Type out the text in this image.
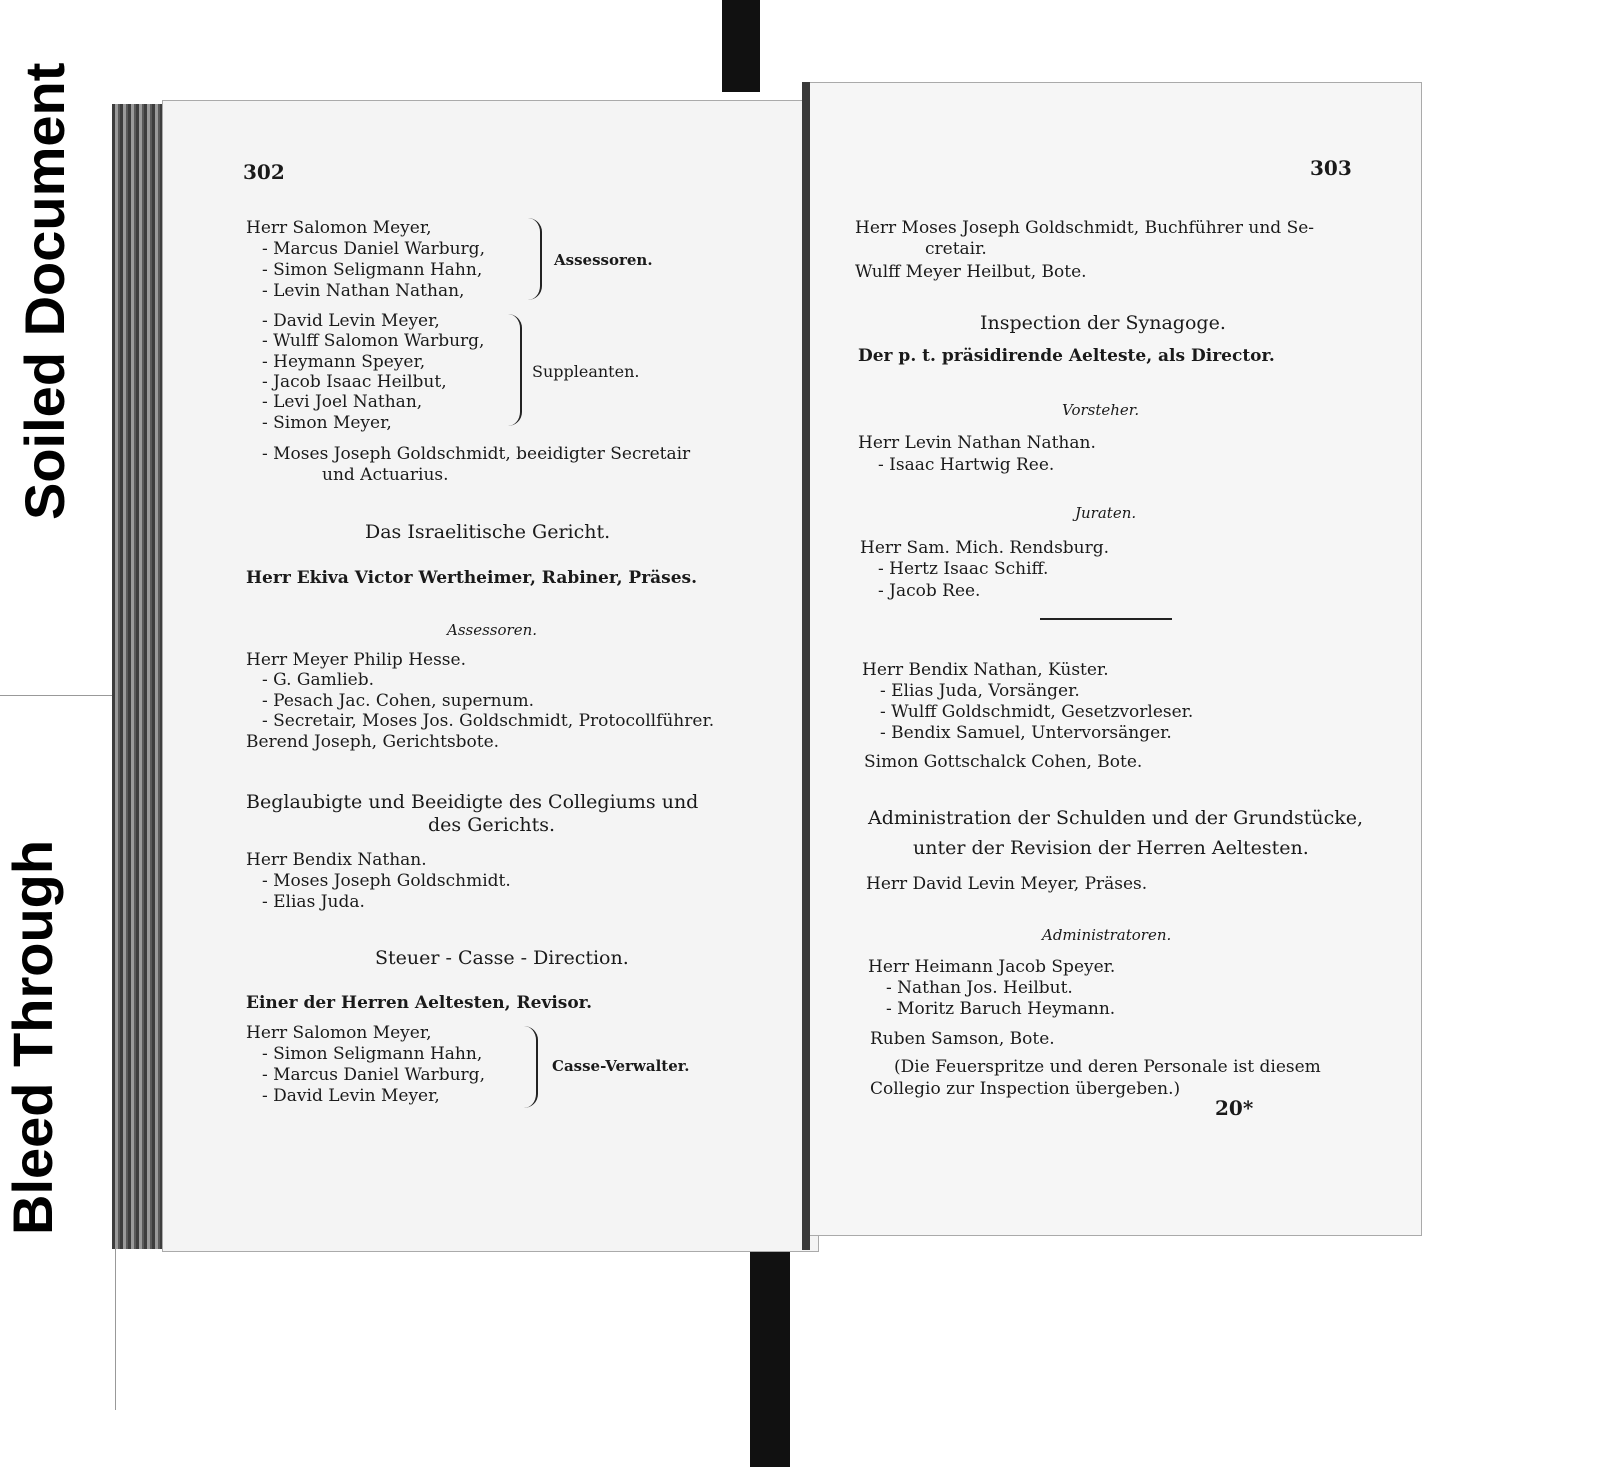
Soiled Document
Bleed Through
302
Herr Salomon Meyer,
- Marcus Daniel Warburg,
- Simon Seligmann Hahn,
- Levin Nathan Nathan,
Assessoren.
- David Levin Meyer,
- Wulff Salomon Warburg,
- Heymann Speyer,
- Jacob Isaac Heilbut,
- Levi Joel Nathan,
- Simon Meyer,
Suppleanten.
- Moses Joseph Goldschmidt, beeidigter Secretair
und Actuarius.
Das Israelitische Gericht.
Herr Ekiva Victor Wertheimer, Rabiner, Präses.
Assessoren.
Herr Meyer Philip Hesse.
- G. Gamlieb.
- Pesach Jac. Cohen, supernum.
- Secretair, Moses Jos. Goldschmidt, Protocollführer.
Berend Joseph, Gerichtsbote.
Beglaubigte und Beeidigte des Collegiums und
des Gerichts.
Herr Bendix Nathan.
- Moses Joseph Goldschmidt.
- Elias Juda.
Steuer - Casse - Direction.
Einer der Herren Aeltesten, Revisor.
Herr Salomon Meyer,
- Simon Seligmann Hahn,
- Marcus Daniel Warburg,
- David Levin Meyer,
Casse-Verwalter.
303
Herr Moses Joseph Goldschmidt, Buchführer und Se-
cretair.
Wulff Meyer Heilbut, Bote.
Inspection der Synagoge.
Der p. t. präsidirende Aelteste, als Director.
Vorsteher.
Herr Levin Nathan Nathan.
- Isaac Hartwig Ree.
Juraten.
Herr Sam. Mich. Rendsburg.
- Hertz Isaac Schiff.
- Jacob Ree.
Herr Bendix Nathan, Küster.
- Elias Juda, Vorsänger.
- Wulff Goldschmidt, Gesetzvorleser.
- Bendix Samuel, Untervorsänger.
Simon Gottschalck Cohen, Bote.
Administration der Schulden und der Grundstücke,
unter der Revision der Herren Aeltesten.
Herr David Levin Meyer, Präses.
Administratoren.
Herr Heimann Jacob Speyer.
- Nathan Jos. Heilbut.
- Moritz Baruch Heymann.
Ruben Samson, Bote.
(Die Feuerspritze und deren Personale ist diesem
Collegio zur Inspection übergeben.)
20*
